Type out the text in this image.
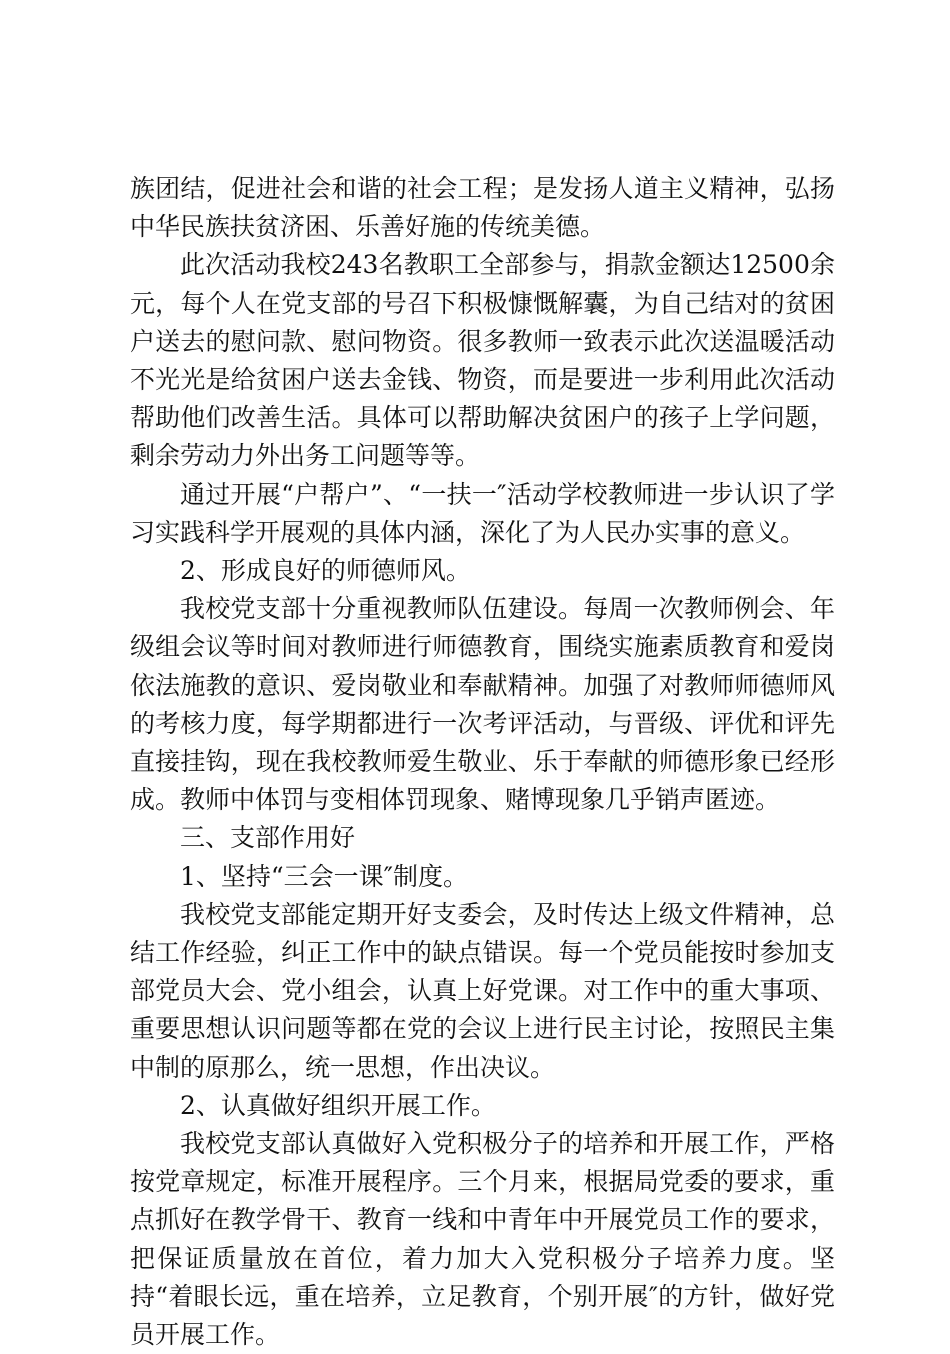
族团结，促进社会和谐的社会工程；是发扬人道主义精神，弘扬中华民族扶贫济困、乐善好施的传统美德。

此次活动我校243名教职工全部参与，捐款金额达12500余元，每个人在党支部的号召下积极慷慨解囊，为自己结对的贫困户送去的慰问款、慰问物资。很多教师一致表示此次送温暖活动不光光是给贫困户送去金钱、物资，而是要进一步利用此次活动帮助他们改善生活。具体可以帮助解决贫困户的孩子上学问题，剩余劳动力外出务工问题等等。

通过开展“户帮户”、“一扶一″活动学校教师进一步认识了学习实践科学开展观的具体内涵，深化了为人民办实事的意义。

2、形成良好的师德师风。

我校党支部十分重视教师队伍建设。每周一次教师例会、年级组会议等时间对教师进行师德教育，围绕实施素质教育和爱岗依法施教的意识、爱岗敬业和奉献精神。加强了对教师师德师风的考核力度，每学期都进行一次考评活动，与晋级、评优和评先直接挂钩，现在我校教师爱生敬业、乐于奉献的师德形象已经形成。教师中体罚与变相体罚现象、赌博现象几乎销声匿迹。

三、支部作用好

1、坚持“三会一课″制度。

我校党支部能定期开好支委会，及时传达上级文件精神，总结工作经验，纠正工作中的缺点错误。每一个党员能按时参加支部党员大会、党小组会，认真上好党课。对工作中的重大事项、重要思想认识问题等都在党的会议上进行民主讨论，按照民主集中制的原那么，统一思想，作出决议。

2、认真做好组织开展工作。

我校党支部认真做好入党积极分子的培养和开展工作，严格按党章规定，标准开展程序。三个月来，根据局党委的要求，重点抓好在教学骨干、教育一线和中青年中开展党员工作的要求，把保证质量放在首位，着力加大入党积极分子培养力度。坚持“着眼长远，重在培养，立足教育，个别开展″的方针，做好党员开展工作。
